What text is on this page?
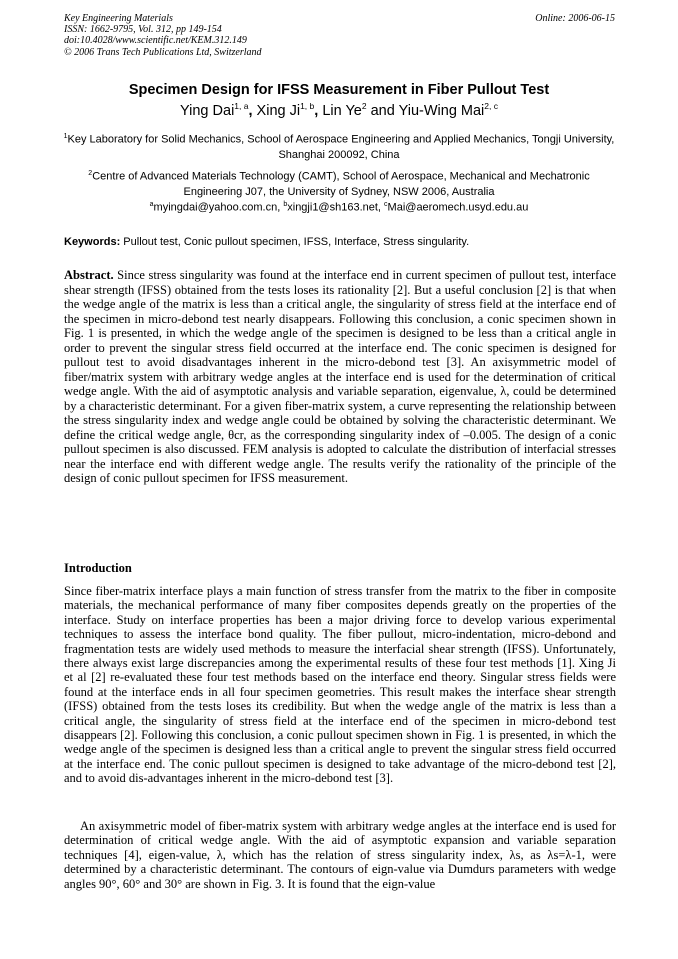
Key Engineering Materials
ISSN: 1662-9795, Vol. 312, pp 149-154
doi:10.4028/www.scientific.net/KEM.312.149
© 2006 Trans Tech Publications Ltd, Switzerland
Online: 2006-06-15
Specimen Design for IFSS Measurement in Fiber Pullout Test
Ying Dai$^{1, a}$, Xing Ji$^{1, b}$, Lin Ye$^2$ and Yiu-Wing Mai$^{2, c}$
$^1$Key Laboratory for Solid Mechanics, School of Aerospace Engineering and Applied Mechanics, Tongji University, Shanghai 200092, China
$^2$Centre of Advanced Materials Technology (CAMT), School of Aerospace, Mechanical and Mechatronic Engineering J07, the University of Sydney, NSW 2006, Australia
$^a$myingdai@yahoo.com.cn, $^b$xingji1@sh163.net, $^c$Mai@aeromech.usyd.edu.au
Keywords: Pullout test, Conic pullout specimen, IFSS, Interface, Stress singularity.
Abstract. Since stress singularity was found at the interface end in current specimen of pullout test, interface shear strength (IFSS) obtained from the tests loses its rationality [2]. But a useful conclusion [2] is that when the wedge angle of the matrix is less than a critical angle, the singularity of stress field at the interface end of the specimen in micro-debond test nearly disappears. Following this conclusion, a conic specimen shown in Fig. 1 is presented, in which the wedge angle of the specimen is designed to be less than a critical angle in order to prevent the singular stress field occurred at the interface end. The conic specimen is designed for pullout test to avoid disadvantages inherent in the micro-debond test [3]. An axisymmetric model of fiber/matrix system with arbitrary wedge angles at the interface end is used for the determination of critical wedge angle. With the aid of asymptotic analysis and variable separation, eigenvalue, λ, could be determined by a characteristic determinant. For a given fiber-matrix system, a curve representing the relationship between the stress singularity index and wedge angle could be obtained by solving the characteristic determinant. We define the critical wedge angle, θcr, as the corresponding singularity index of –0.005. The design of a conic pullout specimen is also discussed. FEM analysis is adopted to calculate the distribution of interfacial stresses near the interface end with different wedge angle. The results verify the rationality of the principle of the design of conic pullout specimen for IFSS measurement.
Introduction
Since fiber-matrix interface plays a main function of stress transfer from the matrix to the fiber in composite materials, the mechanical performance of many fiber composites depends greatly on the properties of the interface. Study on interface properties has been a major driving force to develop various experimental techniques to assess the interface bond quality. The fiber pullout, micro-indentation, micro-debond and fragmentation tests are widely used methods to measure the interfacial shear strength (IFSS). Unfortunately, there always exist large discrepancies among the experimental results of these four test methods [1]. Xing Ji et al [2] re-evaluated these four test methods based on the interface end theory. Singular stress fields were found at the interface ends in all four specimen geometries. This result makes the interface shear strength (IFSS) obtained from the tests loses its credibility. But when the wedge angle of the matrix is less than a critical angle, the singularity of stress field at the interface end of the specimen in micro-debond test disappears [2]. Following this conclusion, a conic pullout specimen shown in Fig. 1 is presented, in which the wedge angle of the specimen is designed less than a critical angle to prevent the singular stress field occurred at the interface end. The conic pullout specimen is designed to take advantage of the micro-debond test [2], and to avoid dis-advantages inherent in the micro-debond test [3].
An axisymmetric model of fiber-matrix system with arbitrary wedge angles at the interface end is used for determination of critical wedge angle. With the aid of asymptotic expansion and variable separation techniques [4], eigen-value, λ, which has the relation of stress singularity index, λs, as λs=λ-1, were determined by a characteristic determinant. The contours of eign-value via Dumdurs parameters with wedge angles 90°, 60° and 30° are shown in Fig. 3. It is found that the eign-value
